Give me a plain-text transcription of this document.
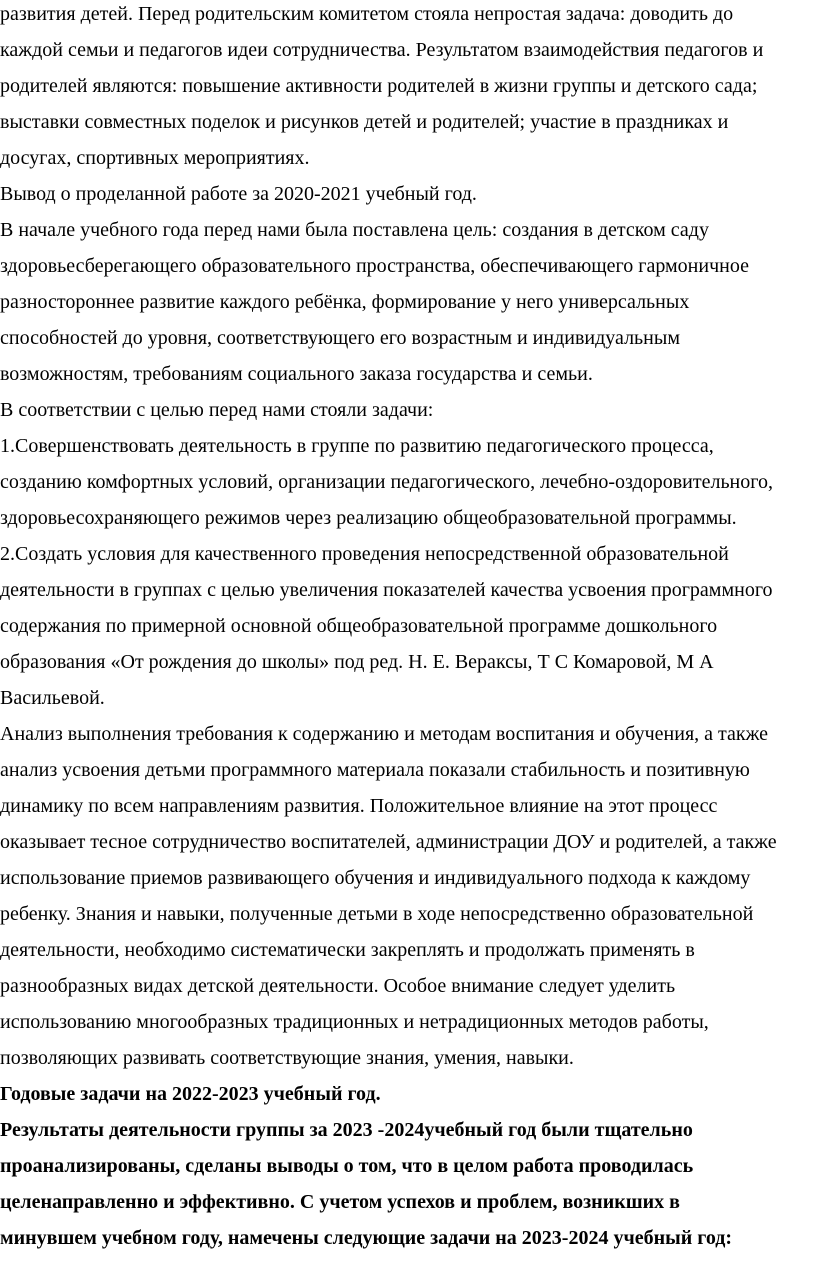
развития детей. Перед родительским комитетом стояла непростая задача: доводить до
каждой семьи и педагогов идеи сотрудничества. Результатом взаимодействия педагогов и
родителей являются: повышение активности родителей в жизни группы и детского сада;
выставки совместных поделок и рисунков детей и родителей; участие в праздниках и
досугах, спортивных мероприятиях.
Вывод о проделанной работе за 2020-2021 учебный год.
В начале учебного года перед нами была поставлена цель: создания в детском саду
здоровьесберегающего образовательного пространства, обеспечивающего гармоничное
разностороннее развитие каждого ребёнка, формирование у него универсальных
способностей до уровня, соответствующего его возрастным и индивидуальным
возможностям, требованиям социального заказа государства и семьи.
В соответствии с целью перед нами стояли задачи:
1.Совершенствовать деятельность в группе по развитию педагогического процесса,
созданию комфортных условий, организации педагогического, лечебно-оздоровительного,
здоровьесохраняющего режимов через реализацию общеобразовательной программы.
2.Создать условия для качественного проведения непосредственной образовательной
деятельности в группах с целью увеличения показателей качества усвоения программного
содержания по примерной основной общеобразовательной программе дошкольного
образования «От рождения до школы» под ред. Н. Е. Вераксы, Т С Комаровой, М А
Васильевой.
Анализ выполнения требования к содержанию и методам воспитания и обучения, а также
анализ усвоения детьми программного материала показали стабильность и позитивную
динамику по всем направлениям развития. Положительное влияние на этот процесс
оказывает тесное сотрудничество воспитателей, администрации ДОУ и родителей, а также
использование приемов развивающего обучения и индивидуального подхода к каждому
ребенку. Знания и навыки, полученные детьми в ходе непосредственно образовательной
деятельности, необходимо систематически закреплять и продолжать применять в
разнообразных видах детской деятельности. Особое внимание следует уделить
использованию многообразных традиционных и нетрадиционных методов работы,
позволяющих развивать соответствующие знания, умения, навыки.
Годовые задачи на 2022-2023 учебный год.
Результаты деятельности группы за 2023 -2024учебный год были тщательно
проанализированы, сделаны выводы о том, что в целом работа проводилась
целенаправленно и эффективно. С учетом успехов и проблем, возникших в
минувшем учебном году, намечены следующие задачи на 2023-2024 учебный год:
